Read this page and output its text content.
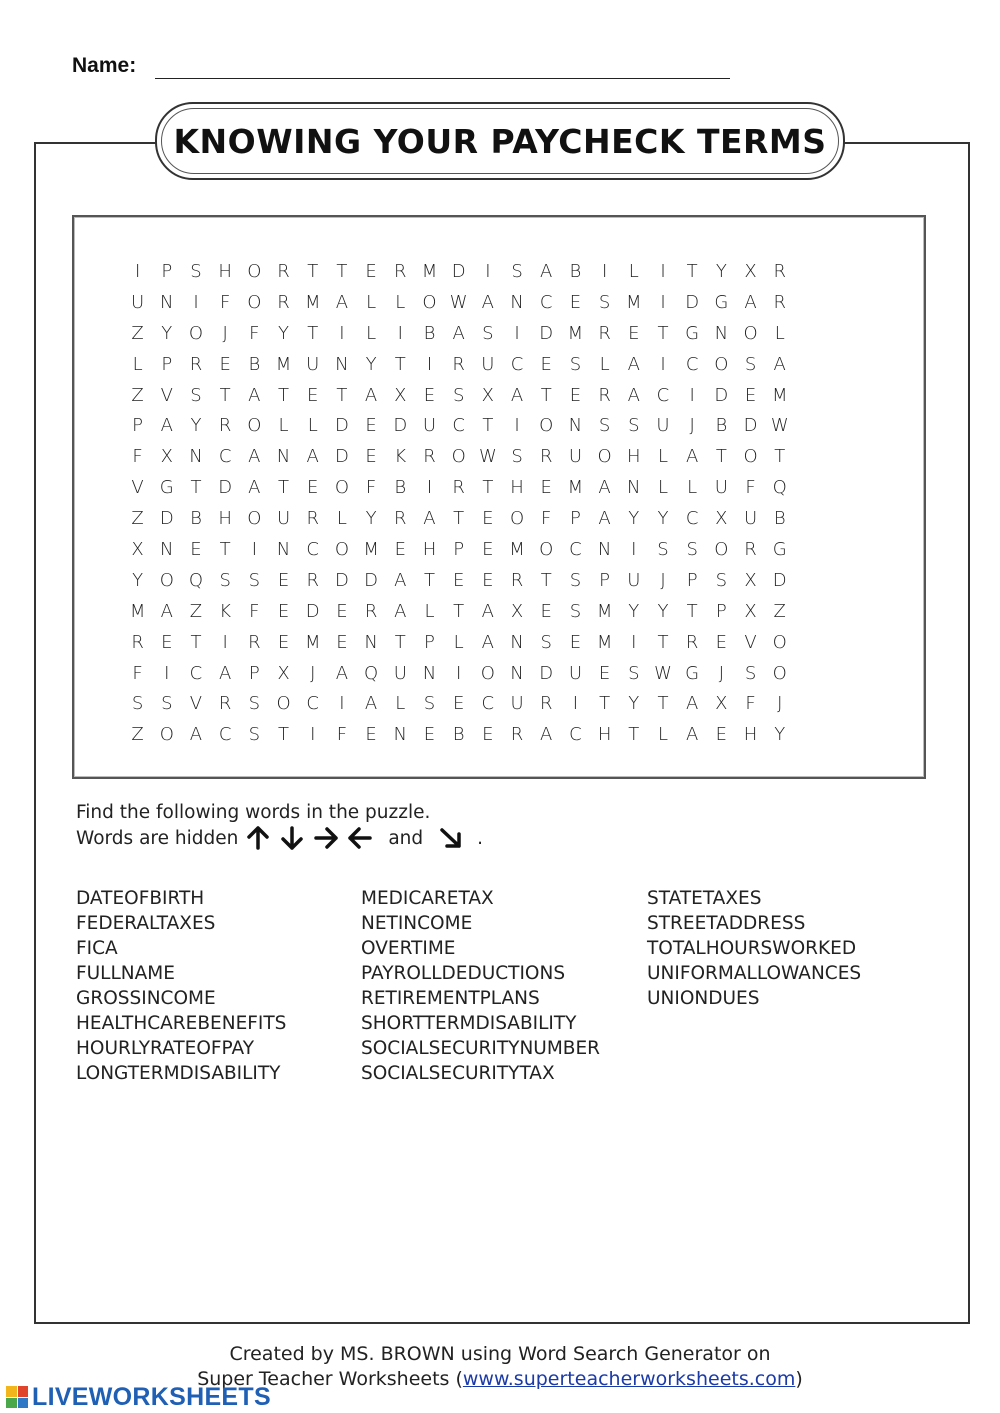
Name:
KNOWING YOUR PAYCHECK TERMS
I	P	S H O R T	T	E R M D	I	S A B	I	L	I	T	Y X R
U N	I	F O R M A	L	L O W A N C E S M	I	D G A R
Z Y O	J	F	Y	T	I	L	I	B A S	I	D M R E	T G N O L
L	P R E B M U N Y	T	I	R U C E S	L	A	I	C O S A
Z V S T A T	E	T A X E S X A T	E R A C	I	D E M
P A Y R O L	L D E D U C T	I	O N S S U	J	B D W
F X N C A N A D E K R O W S R U O H L	A T O T
V G T D A T	E O F	B	I	R T H E M A N L	L U F Q
Z D B H O U R L	Y R A T	E O F	P A Y	Y C X U B
X N E	T	I	N C O M E H P	E M O C N	I	S S O R G
Y O Q S S E R D D A T	E E R T S	P U	J	P	S X D
M A Z K	F	E D E R A	L	T A X E S M Y	Y	T	P X Z
R E	T	I	R E M E N T	P	L	A N S E M	I	T R E V O
F	I	C A P X	J	A Q U N	I	O N D U E S W G	J	S O
S S V R S O C	I	A	L	S E C U R	I	T	Y	T A X F	J
Z O A C S T	I	F	E N E B E R A C H T	L	A E H Y
Find the following words in the puzzle.
Words are hidden	and	.
DATEOFBIRTH
FEDERALTAXES
FICA
FULLNAME
GROSSINCOME
HEALTHCAREBENEFITS
HOURLYRATEOFPAY
LONGTERMDISABILITY
MEDICARETAX
NETINCOME
OVERTIME
PAYROLLDEDUCTIONS
RETIREMENTPLANS
SHORTTERMDISABILITY
SOCIALSECURITYNUMBER
SOCIALSECURITYTAX
STATETAXES
STREETADDRESS
TOTALHOURSWORKED
UNIFORMALLOWANCES
UNIONDUES
Created by MS. BROWN using Word Search Generator on
Super Teacher Worksheets (www.superteacherworksheets.com)
LIVEWORKSHEETS
